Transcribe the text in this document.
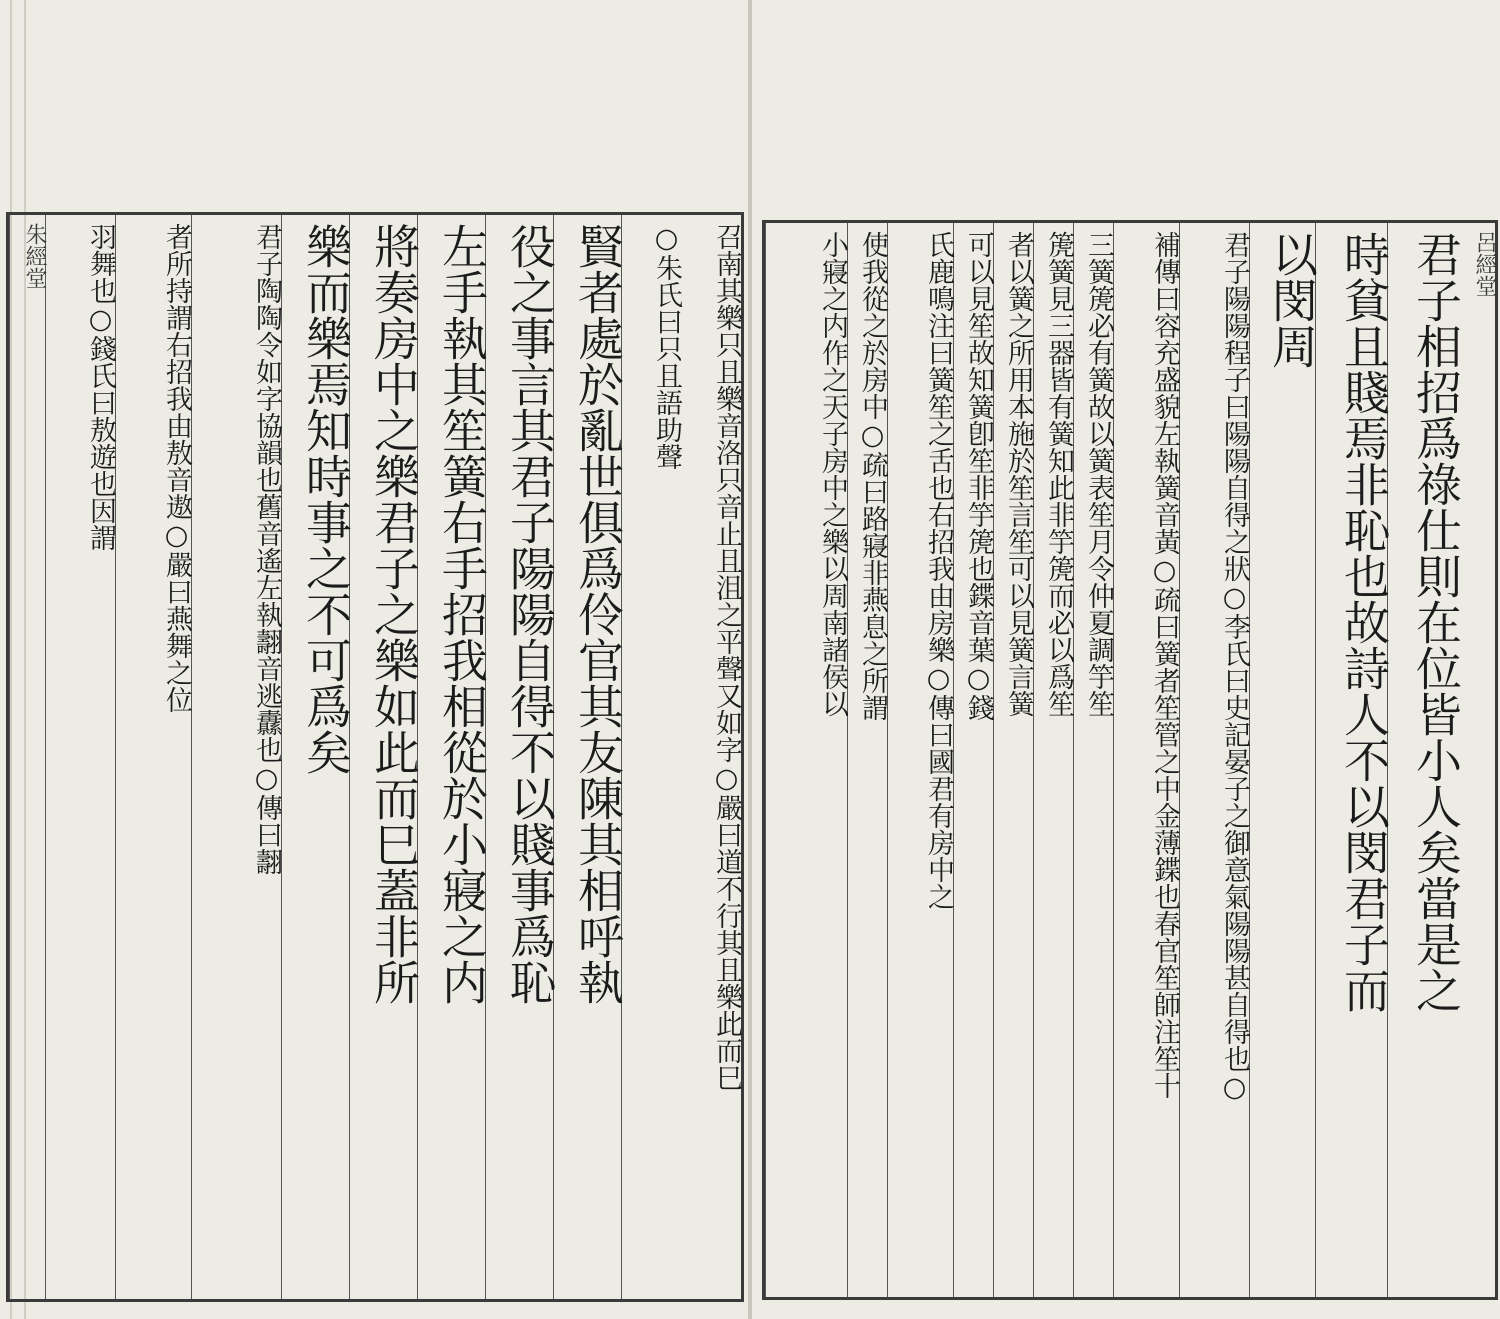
召南其樂只且樂音洛只音止且沮之平聲又如字○嚴曰道不行其且樂此而巳
○朱氏曰只且語助聲
賢者處於亂世俱爲伶官其友陳其相呼執
役之事言其君子陽陽自得不以賤事爲恥
左手執其笙簧右手招我相從於小寢之内
將奏房中之樂君子之樂如此而巳蓋非所
樂而樂焉知時事之不可爲矣
君子陶陶令如字協韻也舊音遙左執翿音逃纛也○傳曰翿
者所持謂右招我由敖音遨○嚴曰燕舞之位
羽舞也○錢氏曰敖遊也因謂
朱經堂	呂經堂
君子相招爲祿仕則在位皆小人矣當是之
時貧且賤焉非恥也故詩人不以閔君子而
以閔周
君子陽陽程子曰陽陽自得之狀○李氏曰史記晏子之御意氣陽陽甚自得也○
補傳曰容充盛貌左執簧音黃○疏曰簧者笙管之中金薄鍱也春官笙師注笙十
三簧箎必有簧故以簧表笙月令仲夏調竽笙
箎簧見三器皆有簧知此非竽箎而必以爲笙
者以簧之所用本施於笙言笙可以見簧言簧
可以見笙故知簧卽笙非竽箎也鍱音葉○錢
氏鹿鳴注曰簧笙之舌也右招我由房樂○傳曰國君有房中之
使我從之於房中○疏曰路寢非燕息之所謂
小寢之内作之天子房中之樂以周南諸侯以
